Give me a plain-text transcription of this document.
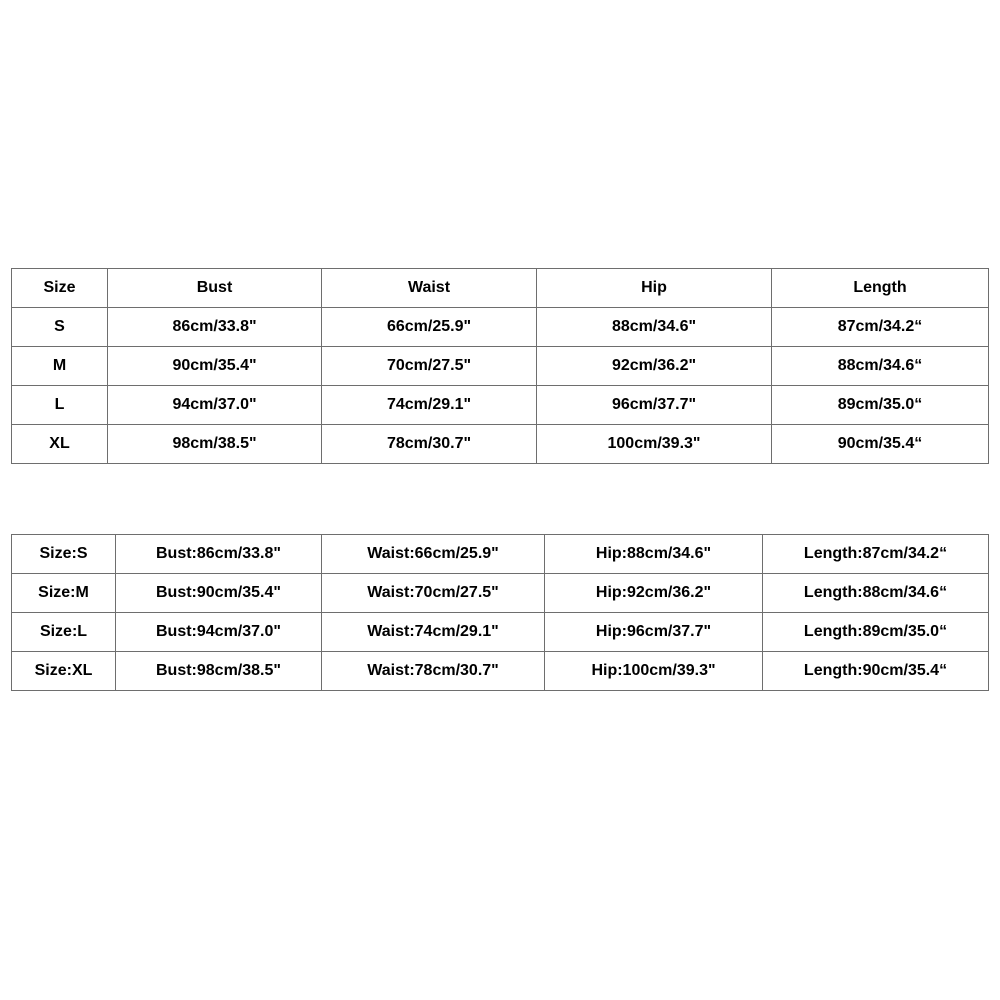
Size	Bust	Waist	Hip	Length
S	86cm/33.8"	66cm/25.9"	88cm/34.6"	87cm/34.2“
M	90cm/35.4"	70cm/27.5"	92cm/36.2"	88cm/34.6“
L	94cm/37.0"	74cm/29.1"	96cm/37.7"	89cm/35.0“
XL	98cm/38.5"	78cm/30.7"	100cm/39.3"	90cm/35.4“
Size:S	Bust:86cm/33.8"	Waist:66cm/25.9"	Hip:88cm/34.6"	Length:87cm/34.2“
Size:M	Bust:90cm/35.4"	Waist:70cm/27.5"	Hip:92cm/36.2"	Length:88cm/34.6“
Size:L	Bust:94cm/37.0"	Waist:74cm/29.1"	Hip:96cm/37.7"	Length:89cm/35.0“
Size:XL	Bust:98cm/38.5"	Waist:78cm/30.7"	Hip:100cm/39.3"	Length:90cm/35.4“
